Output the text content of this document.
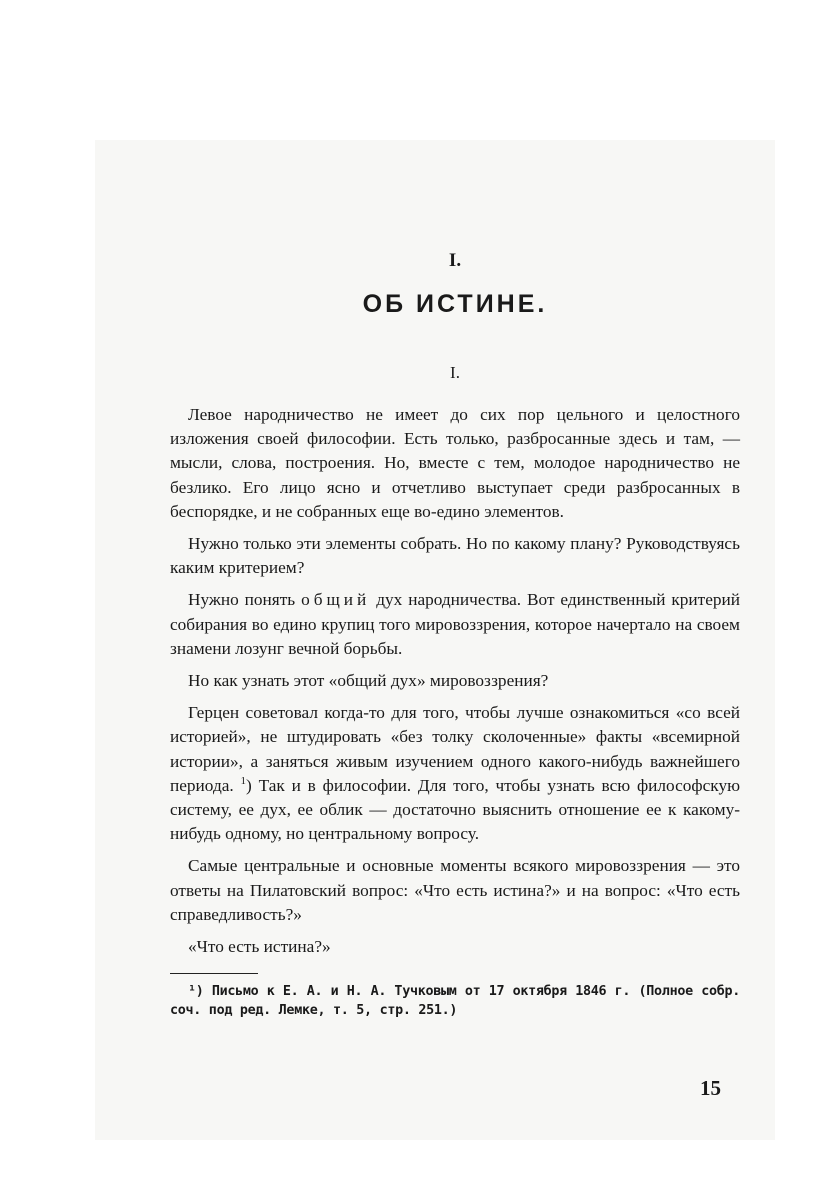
I.
ОБ ИСТИНЕ.
I.

Левое народничество не имеет до сих пор цельного и целостного изложения своей философии. Есть только, разбросанные здесь и там, — мысли, слова, построения. Но, вместе с тем, молодое народничество не безлико. Его лицо ясно и отчетливо выступает среди разбросанных в беспорядке, и не собранных еще во-едино элементов.

Нужно только эти элементы собрать. Но по какому плану? Руководствуясь каким критерием?

Нужно понять общий дух народничества. Вот единственный критерий собирания во едино крупиц того мировоззрения, которое начертало на своем знамени лозунг вечной борьбы.

Но как узнать этот «общий дух» мировоззрения?

Герцен советовал когда-то для того, чтобы лучше ознакомиться «со всей историей», не штудировать «без толку сколоченные» факты «всемирной истории», а заняться живым изучением одного какого-нибудь важнейшего периода. $^1$) Так и в философии. Для того, чтобы узнать всю философскую систему, ее дух, ее облик — достаточно выяснить отношение ее к какому-нибудь одному, но центральному вопросу.

Самые центральные и основные моменты всякого мировоззрения — это ответы на Пилатовский вопрос: «Что есть истина?» и на вопрос: «Что есть справедливость?»

«Что есть истина?»

¹) Письмо к Е. А. и Н. А. Тучковым от 17 октября 1846 г. (Полное собр. соч. под ред. Лемке, т. 5, стр. 251.)
15
